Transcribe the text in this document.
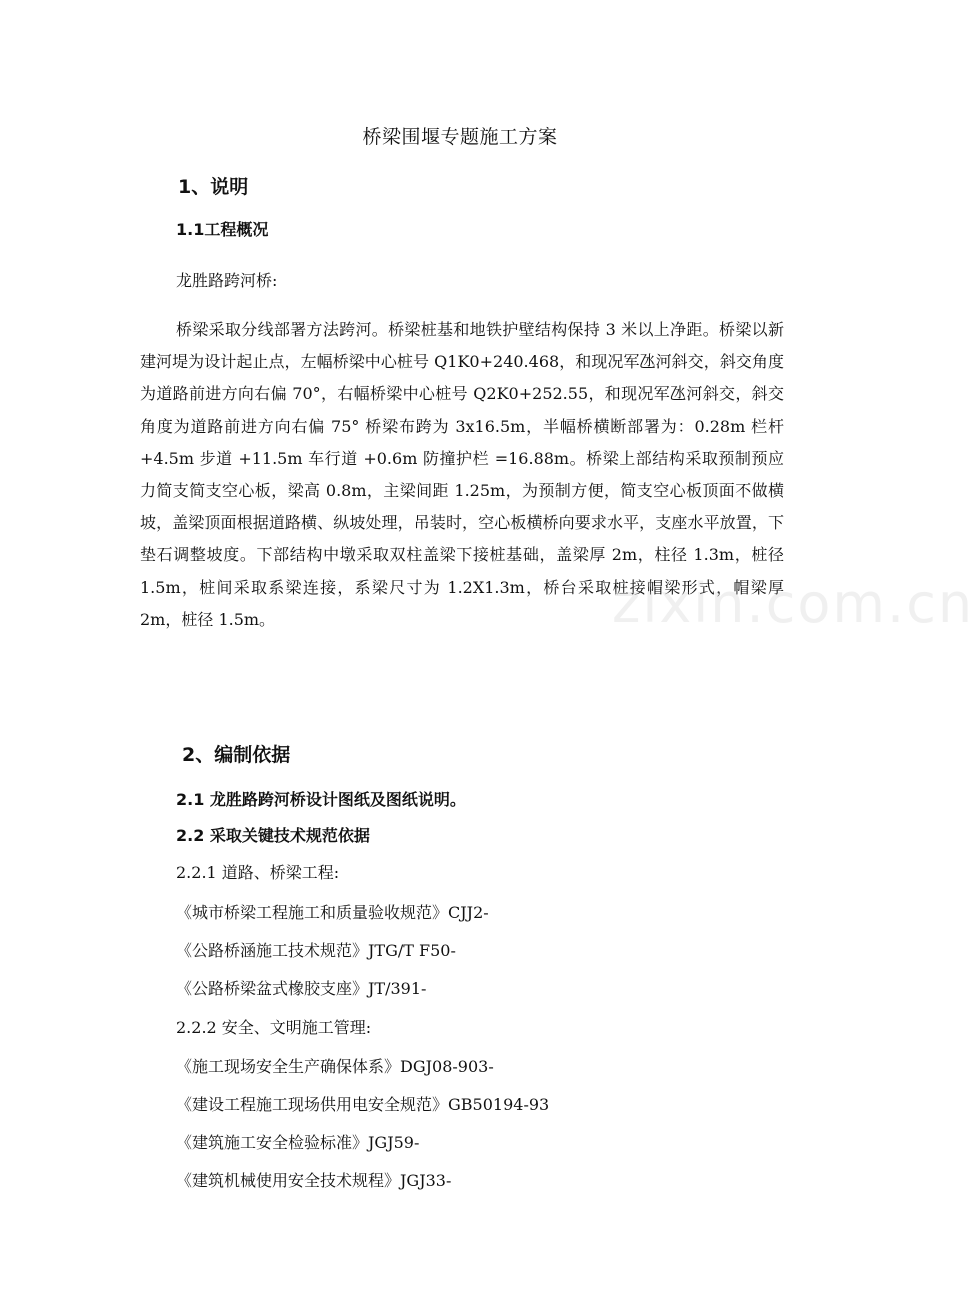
桥梁围堰专题施工方案
1、说明
1.1工程概况
龙胜路跨河桥:
桥梁采取分线部署方法跨河。桥梁桩基和地铁护壁结构保持 3 米以上净距。桥梁以新建河堤为设计起止点，左幅桥梁中心桩号 Q1K0+240.468，和现况军氹河斜交，斜交角度为道路前进方向右偏 70°，右幅桥梁中心桩号 Q2K0+252.55，和现况军氹河斜交，斜交角度为道路前进方向右偏 75° 桥梁布跨为 3x16.5m，半幅桥横断部署为：0.28m 栏杆 +4.5m 步道 +11.5m 车行道 +0.6m 防撞护栏 =16.88m。桥梁上部结构采取预制预应力简支简支空心板，梁高 0.8m，主梁间距 1.25m，为预制方便，简支空心板顶面不做横坡，盖梁顶面根据道路横、纵坡处理，吊装时，空心板横桥向要求水平，支座水平放置，下垫石调整坡度。下部结构中墩采取双柱盖梁下接桩基础，盖梁厚 2m，柱径 1.3m，桩径 1.5m，桩间采取系梁连接，系梁尺寸为 1.2X1.3m，桥台采取桩接帽梁形式，帽梁厚 2m，桩径 1.5m。
2、编制依据
2.1 龙胜路跨河桥设计图纸及图纸说明。
2.2 采取关键技术规范依据
2.2.1 道路、桥梁工程:
《城市桥梁工程施工和质量验收规范》CJJ2-
《公路桥涵施工技术规范》JTG/T F50-
《公路桥梁盆式橡胶支座》JT/391-
2.2.2 安全、文明施工管理:
《施工现场安全生产确保体系》DGJ08-903-
《建设工程施工现场供用电安全规范》GB50194-93
《建筑施工安全检验标准》JGJ59-
《建筑机械使用安全技术规程》JGJ33-
zixin.com.cn
